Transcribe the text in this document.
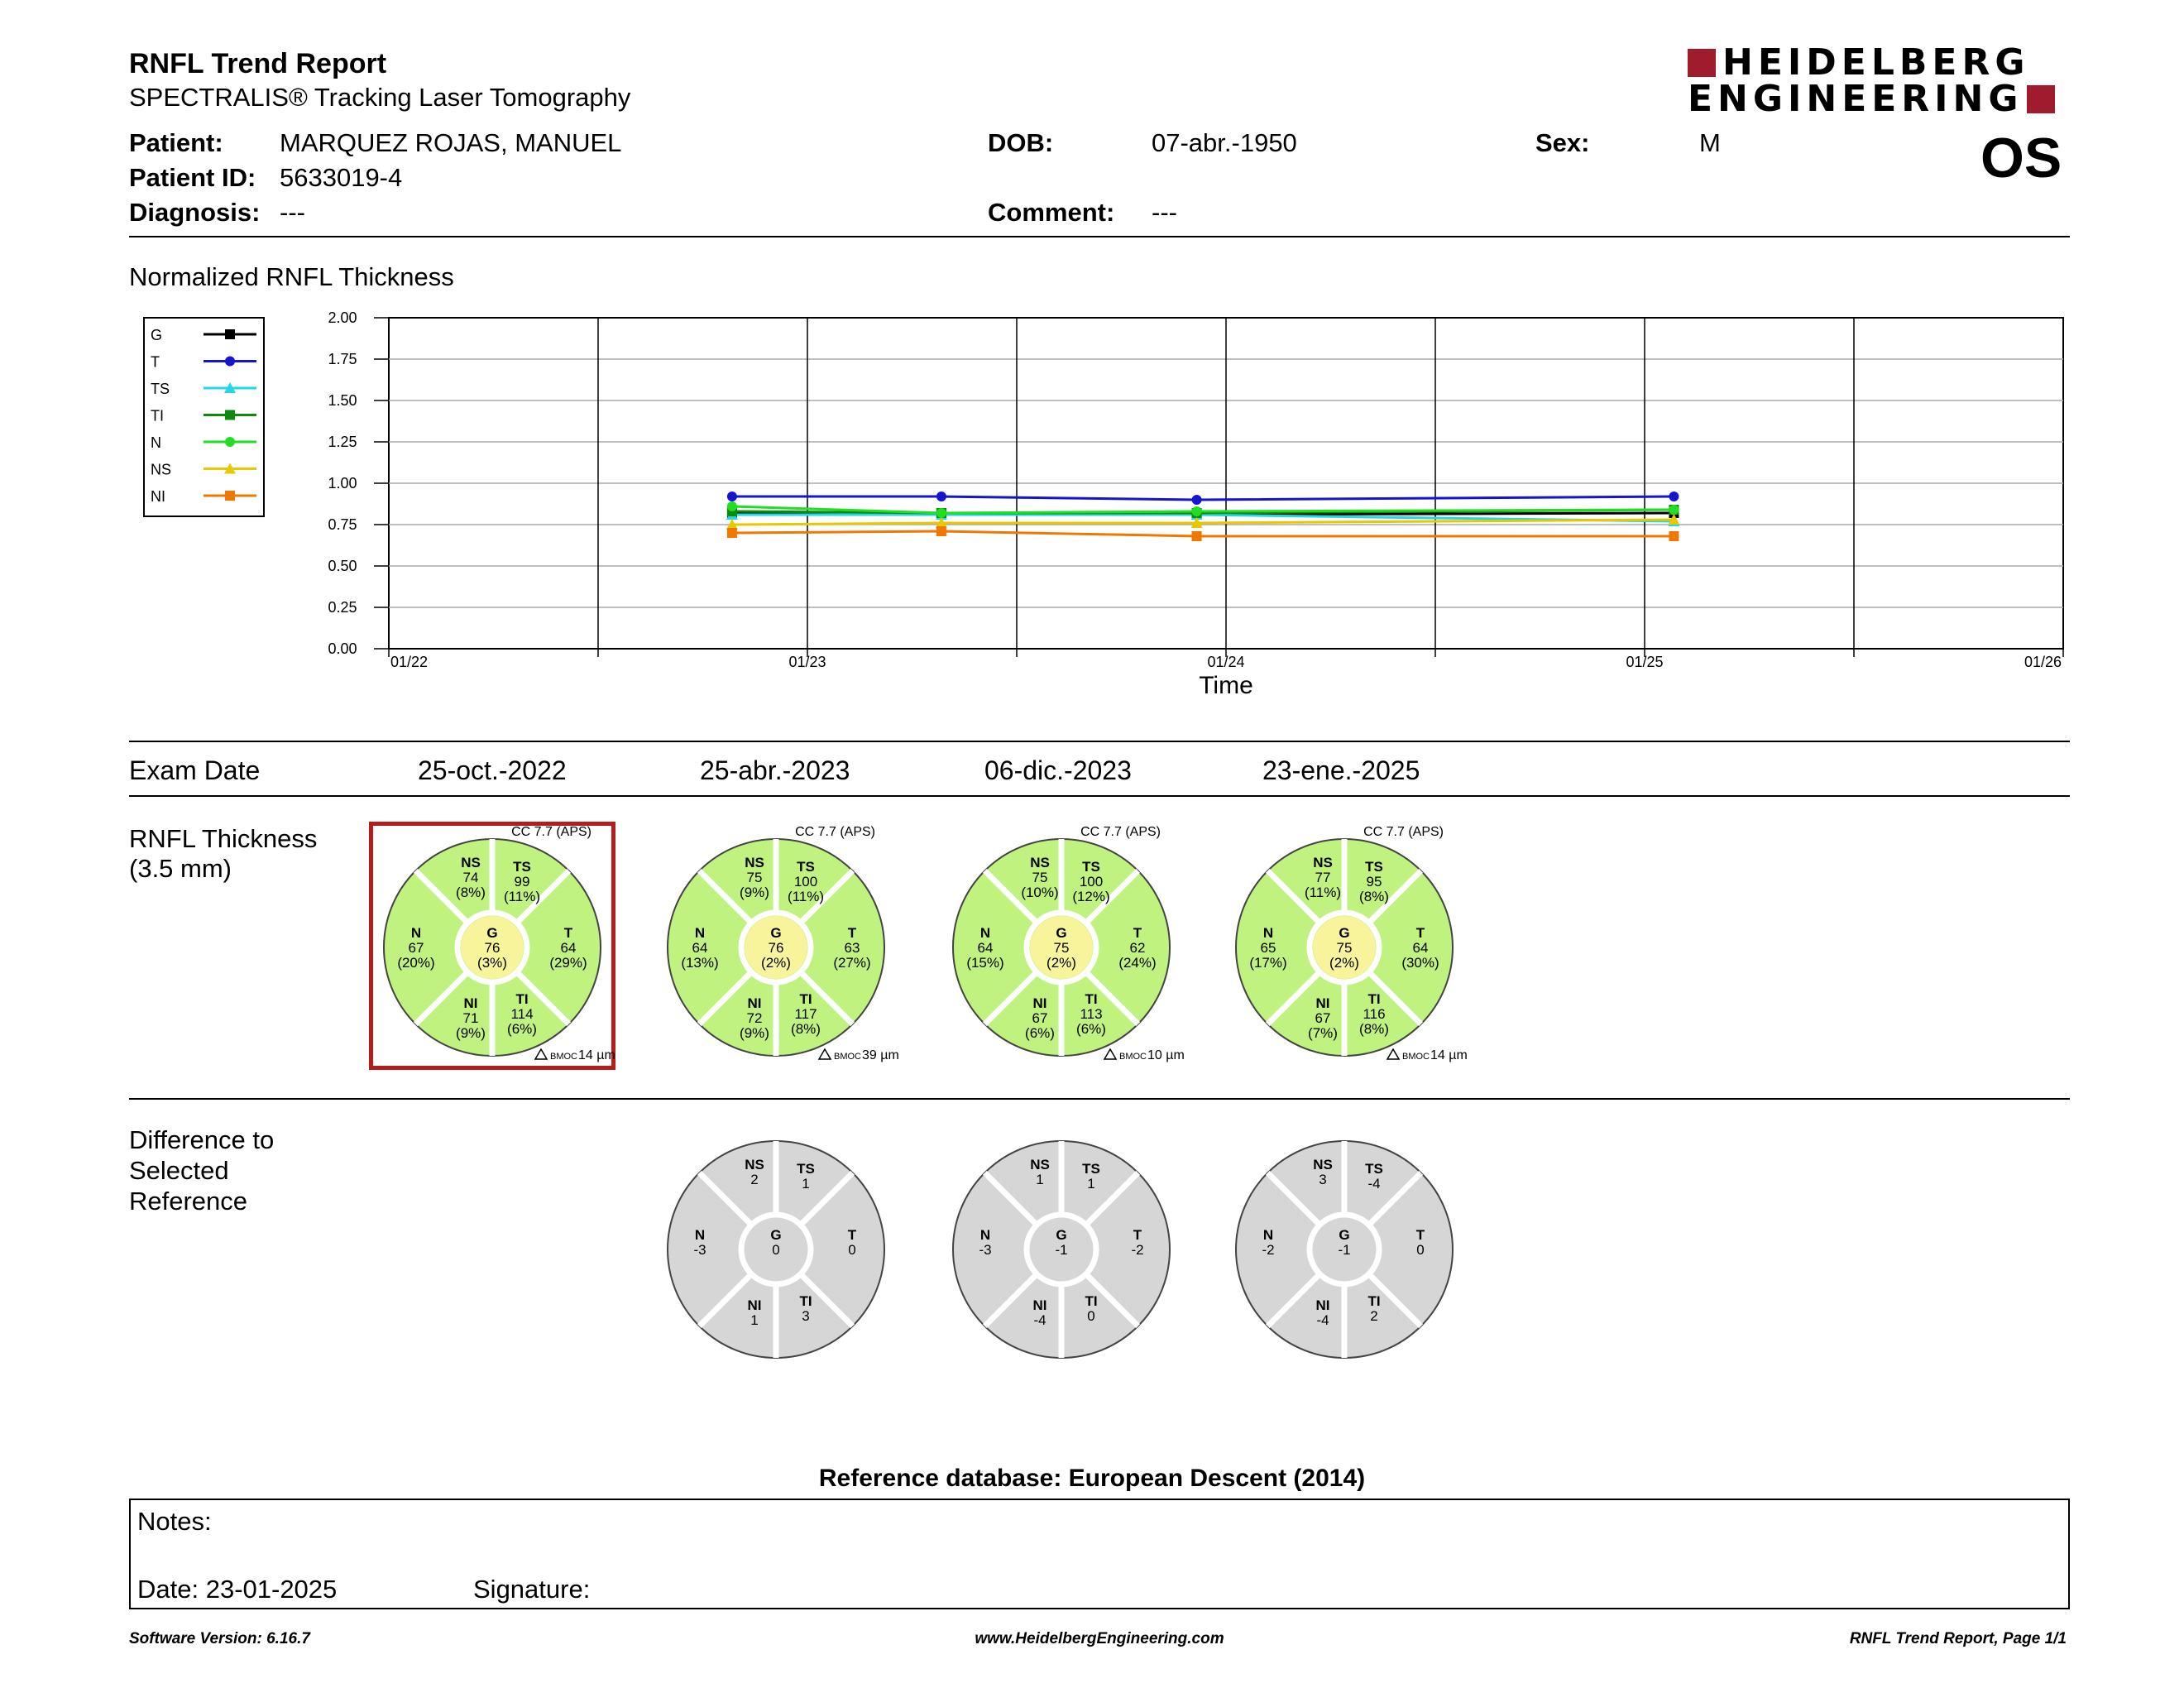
RNFL Trend Report
SPECTRALIS® Tracking Laser Tomography
HEIDELBERG
ENGINEERING
Patient: MARQUEZ ROJAS, MANUEL	DOB:	07-abr.-1950	Sex:	M	OS
Patient ID: 5633019-4
Diagnosis: ---	Comment: ---
Normalized RNFL Thickness
0.00
0.25
0.50
0.75
1.00
1.25
1.50
1.75
2.00
01/22	01/23	01/24	01/25	01/26
Time
G
T
TS
TI
N
NS
NI
Exam Date	25-oct.-2022	25-abr.-2023	06-dic.-2023	23-ene.-2025
RNFL Thickness
(3.5 mm)	NS
74
(8%)
TS
99
(11%)
N
67
(20%)
G
76
(3%)
T
64
(29%)
NI
71
(9%)
TI
114
(6%)
CC 7.7 (APS)
BMOC 14 µm
NS
75
(9%)
TS
100
(11%)
N
64
(13%)
G
76
(2%)
T
63
(27%)
NI
72
(9%)
TI
117
(8%)
CC 7.7 (APS)
BMOC 39 µm
NS
75
(10%)
TS
100
(12%)
N
64
(15%)
G
75
(2%)
T
62
(24%)
NI
67
(6%)
TI
113
(6%)
CC 7.7 (APS)
BMOC 10 µm
NS
77
(11%)
TS
95
(8%)
N
65
(17%)
G
75
(2%)
T
64
(30%)
NI
67
(7%)
TI
116
(8%)
CC 7.7 (APS)
BMOC 14 µm
Difference to
Selected
Reference
NS
2
TS
1
N
-3
G
0
T
0
NI
1
TI
3
NS
1
TS
1
N
-3
G
-1
T
-2
NI
-4
TI
0
NS
3
TS
-4
N
-2
G
-1
T
0
NI
-4
TI
2
Reference database: European Descent (2014)
Notes:
Date: 23-01-2025	Signature:
Software Version: 6.16.7	www.HeidelbergEngineering.com	RNFL Trend Report, Page 1/1
